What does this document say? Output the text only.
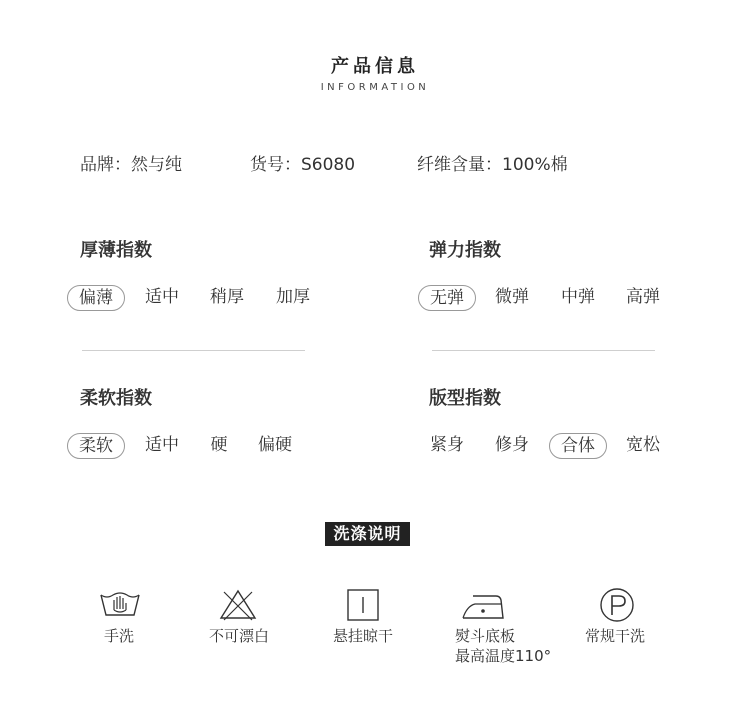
产品信息
INFORMATION
品牌：然与纯	货号：S6080	纤维含量：100%棉
厚薄指数
偏薄	适中	稍厚	加厚
弹力指数
无弹	微弹	中弹	高弹
柔软指数
柔软	适中	硬	偏硬
版型指数
紧身	修身	合体	宽松
洗涤说明
手洗	不可漂白	悬挂晾干	熨斗底板
最高温度110°
常规干洗
